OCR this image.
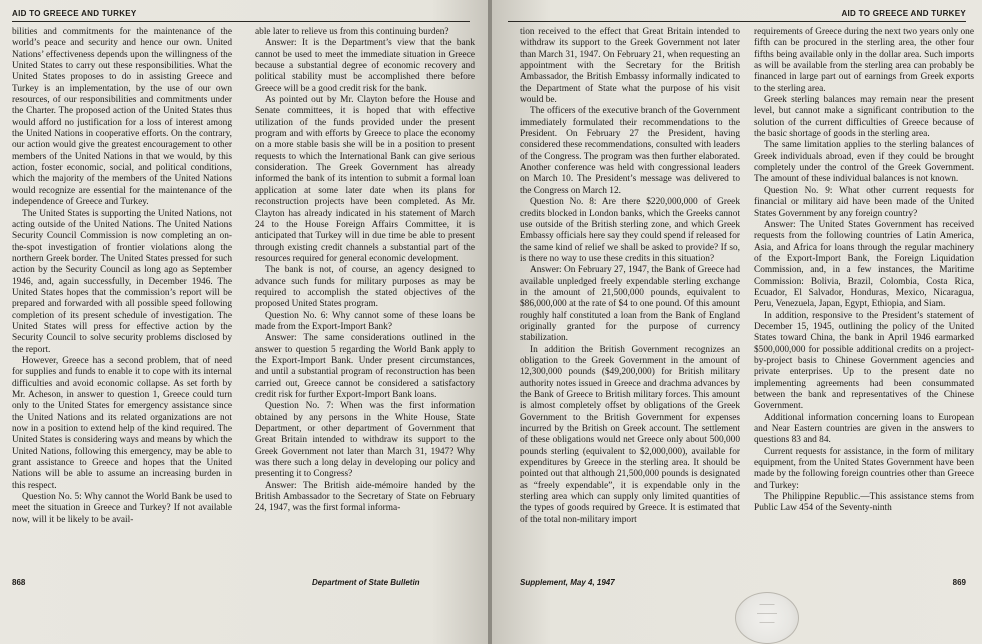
AID TO GREECE AND TURKEY

bilities and commitments for the maintenance of the world’s peace and security and hence our own. United Nations’ effectiveness depends upon the willingness of the United States to carry out these responsibilities. What the United States proposes to do in assisting Greece and Turkey is an implementation, by the use of our own resources, of our responsibilities and commitments under the Charter. The proposed action of the United States thus would afford no justification for a loss of interest among the United Nations in cooperative efforts. On the contrary, our action would give the greatest encouragement to other members of the United Nations in that we would, by this action, foster economic, social, and political conditions, which the majority of the members of the United Nations would recognize are essential for the maintenance of the independence of Greece and Turkey.

The United States is supporting the United Nations, not acting outside of the United Nations. The United Nations Security Council Commission is now completing an on-the-spot investigation of frontier violations along the northern Greek border. The United States pressed for such action by the Security Council as long ago as September 1946, and, again successfully, in December 1946. The United States hopes that the commission’s report will be prepared and forwarded with all possible speed following completion of its present schedule of investigation. The United States will press for effective action by the Security Council to solve security problems disclosed by the report.

However, Greece has a second problem, that of need for supplies and funds to enable it to cope with its internal difficulties and avoid economic collapse. As set forth by Mr. Acheson, in answer to question 1, Greece could turn only to the United States for emergency assistance since the United Nations and its related organizations are not now in a position to extend help of the kind required. The United States is considering ways and means by which the United Nations, following this emergency, may be able to grant assistance to Greece and hopes that the United Nations will be able to assume an increasing burden in this respect.

Question No. 5: Why cannot the World Bank be used to meet the situation in Greece and Turkey? If not available now, will it be likely to be avail-

able later to relieve us from this continuing burden?

Answer: It is the Department’s view that the bank cannot be used to meet the immediate situation in Greece because a substantial degree of economic recovery and political stability must be accomplished there before Greece will be a good credit risk for the bank.

As pointed out by Mr. Clayton before the House and Senate committees, it is hoped that with effective utilization of the funds provided under the present program and with efforts by Greece to place the economy on a more stable basis she will be in a position to present requests to which the International Bank can give serious consideration. The Greek Government has already informed the bank of its intention to submit a formal loan application at some later date when its plans for reconstruction projects have been completed. As Mr. Clayton has already indicated in his statement of March 24 to the House Foreign Affairs Committee, it is anticipated that Turkey will in due time be able to present through existing credit channels a substantial part of the resources required for general economic development.

The bank is not, of course, an agency designed to advance such funds for military purposes as may be required to accomplish the stated objectives of the proposed United States program.

Question No. 6: Why cannot some of these loans be made from the Export-Import Bank?

Answer: The same considerations outlined in the answer to question 5 regarding the World Bank apply to the Export-Import Bank. Under present circumstances, and until a substantial program of reconstruction has been carried out, Greece cannot be considered a satisfactory credit risk for further Export-Import Bank loans.

Question No. 7: When was the first information obtained by any persons in the White House, State Department, or other department of Government that Great Britain intended to withdraw its support to the Greek Government not later than March 31, 1947? Why was there such a long delay in developing our policy and presenting it to Congress?

Answer: The British aide-mémoire handed by the British Ambassador to the Secretary of State on February 24, 1947, was the first formal informa-

868	Department of State Bulletin
AID TO GREECE AND TURKEY

tion received to the effect that Great Britain intended to withdraw its support to the Greek Government not later than March 31, 1947. On February 21, when requesting an appointment with the Secretary for the British Ambassador, the British Embassy informally indicated to the Department of State what the purpose of his visit would be.

The officers of the executive branch of the Government immediately formulated their recommendations to the President. On February 27 the President, having considered these recommendations, consulted with leaders of the Congress. The program was then further elaborated. Another conference was held with congressional leaders on March 10. The President’s message was delivered to the Congress on March 12.

Question No. 8: Are there $220,000,000 of Greek credits blocked in London banks, which the Greeks cannot use outside of the British sterling zone, and which Greek Embassy officials here say they could spend if released for the same kind of relief we shall be asked to provide? If so, is there no way to use these credits in this situation?

Answer: On February 27, 1947, the Bank of Greece had available unpledged freely expendable sterling exchange in the amount of 21,500,000 pounds, equivalent to $86,000,000 at the rate of $4 to one pound. Of this amount roughly half constituted a loan from the Bank of England originally granted for the purpose of currency stabilization.

In addition the British Government recognizes an obligation to the Greek Government in the amount of 12,300,000 pounds ($49,200,000) for British military authority notes issued in Greece and drachma advances by the Bank of Greece to British military forces. This amount is almost completely offset by obligations of the Greek Government to the British Government for expenses incurred by the British on Greek account. The settlement of these obligations would net Greece only about 500,000 pounds sterling (equivalent to $2,000,000), available for expenditures by Greece in the sterling area. It should be pointed out that although 21,500,000 pounds is designated as “freely expendable”, it is expendable only in the sterling area which can supply only limited quantities of the types of goods required by Greece. It is estimated that of the total non-military import

requirements of Greece during the next two years only one fifth can be procured in the sterling area, the other four fifths being available only in the dollar area. Such imports as will be available from the sterling area can probably be financed in large part out of earnings from Greek exports to the sterling area.

Greek sterling balances may remain near the present level, but cannot make a significant contribution to the solution of the current difficulties of Greece because of the basic shortage of goods in the sterling area.

The same limitation applies to the sterling balances of Greek individuals abroad, even if they could be brought completely under the control of the Greek Government. The amount of these individual balances is not known.

Question No. 9: What other current requests for financial or military aid have been made of the United States Government by any foreign country?

Answer: The United States Government has received requests from the following countries of Latin America, Asia, and Africa for loans through the regular machinery of the Export-Import Bank, the Foreign Liquidation Commission, and, in a few instances, the Maritime Commission: Bolivia, Brazil, Colombia, Costa Rica, Ecuador, El Salvador, Honduras, Mexico, Nicaragua, Peru, Venezuela, Japan, Egypt, Ethiopia, and Siam.

In addition, responsive to the President’s statement of December 15, 1945, outlining the policy of the United States toward China, the bank in April 1946 earmarked $500,000,000 for possible additional credits on a project-by-project basis to Chinese Government agencies and private enterprises. Up to the present date no implementing agreements had been consummated between the bank and representatives of the Chinese Government.

Additional information concerning loans to European and Near Eastern countries are given in the answers to questions 83 and 84.

Current requests for assistance, in the form of military equipment, from the United States Government have been made by the following foreign countries other than Greece and Turkey:

The Philippine Republic.—This assistance stems from Public Law 454 of the Seventy-ninth

Supplement, May 4, 1947	869
———
————
———
